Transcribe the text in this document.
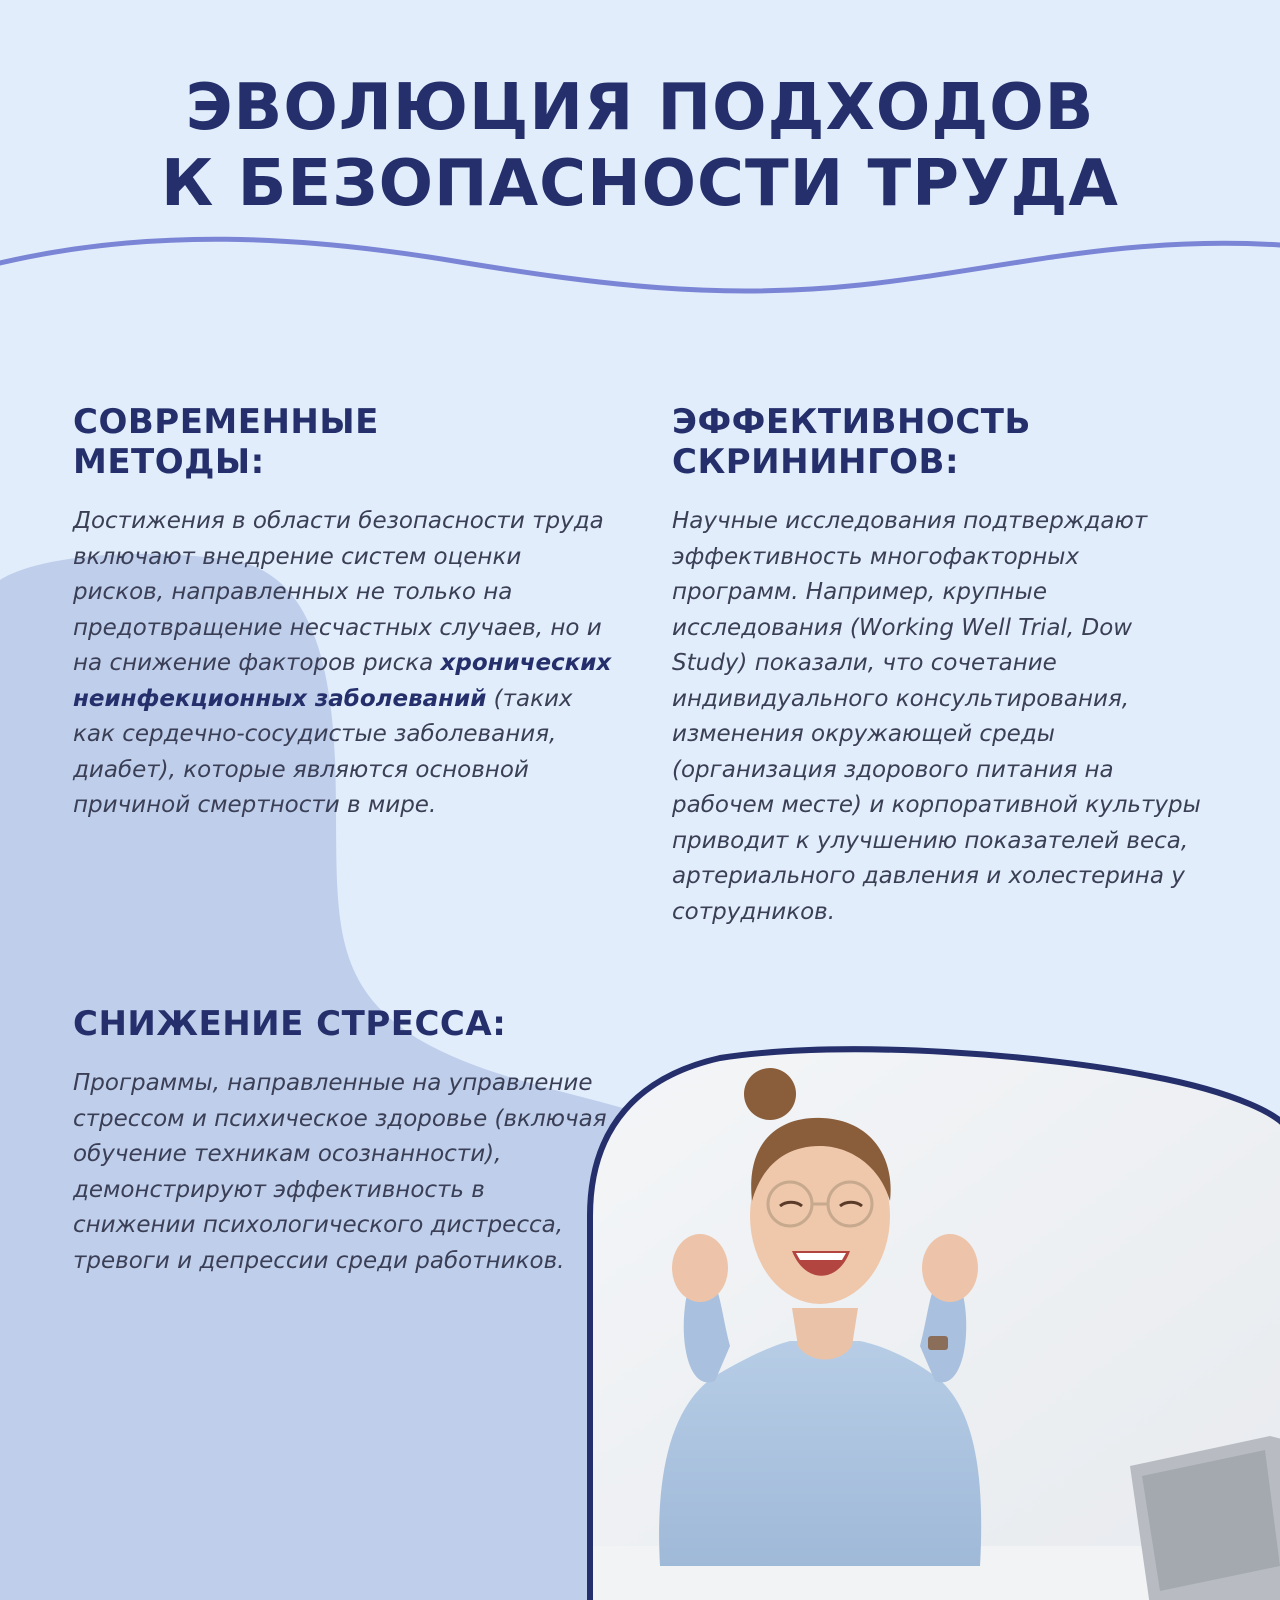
ЭВОЛЮЦИЯ ПОДХОДОВ
К БЕЗОПАСНОСТИ ТРУДА
СОВРЕМЕННЫЕ
МЕТОДЫ:

Достижения в области безопасности труда включают внедрение систем оценки рисков, направленных не только на предотвращение несчастных случаев, но и на снижение факторов риска хронических неинфекционных заболеваний (таких как сердечно-сосудистые заболевания, диабет), которые являются основной причиной смертности в мире.

ЭФФЕКТИВНОСТЬ
СКРИНИНГОВ:

Научные исследования подтверждают эффективность многофакторных программ. Например, крупные исследования (Working Well Trial, Dow Study) показали, что сочетание индивидуального консультирования, изменения окружающей среды (организация здорового питания на рабочем месте) и корпоративной культуры приводит к улучшению показателей веса, артериального давления и холестерина у сотрудников.

СНИЖЕНИЕ СТРЕССА:

Программы, направленные на управление стрессом и психическое здоровье (включая обучение техникам осознанности), демонстрируют эффективность в снижении психологического дистресса, тревоги и депрессии среди работников.
